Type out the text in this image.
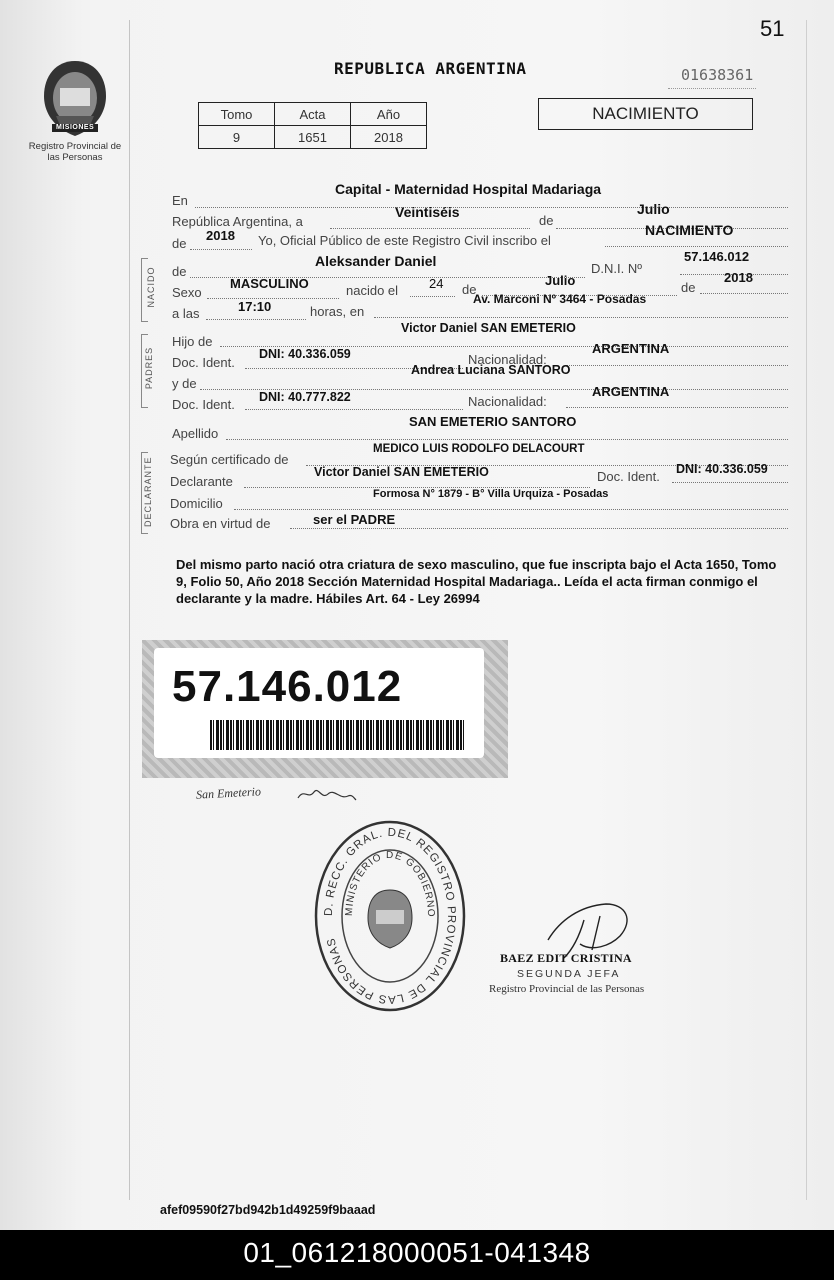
51
MISIONES
Registro Provincial de las Personas
REPUBLICA ARGENTINA	01638361
Tomo	Acta	Año
9	1651	2018
NACIMIENTO
En
Capital - Maternidad Hospital Madariaga
República Argentina, a
Veintiséis
de
Julio
de
2018 Yo, Oficial Público de este Registro Civil inscribo el
NACIMIENTO
NACIDO de
Aleksander Daniel	D.N.I. Nº
57.146.012
Sexo
MASCULINO	nacido el 24 de
Julio	de
2018
a las	17:10	horas, en
Av. Marconi Nº 3464 - Posadas
PADRES
Hijo de
Victor Daniel SAN EMETERIO
Doc. Ident.
DNI: 40.336.059	Nacionalidad:
ARGENTINA
y de
Andrea Luciana SANTORO
Doc. Ident. DNI: 40.777.822	Nacionalidad:
ARGENTINA
Apellido
SAN EMETERIO SANTORO
DECLARANTE Según certificado de
MEDICO LUIS RODOLFO DELACOURT
Declarante
Victor Daniel SAN EMETERIO	Doc. Ident. DNI: 40.336.059
Domicilio
Formosa N° 1879 - B° Villa Urquiza - Posadas
Obra en virtud de	ser el PADRE
Del mismo parto nació otra criatura de sexo masculino, que fue inscripta bajo el Acta 1650, Tomo 9, Folio 50, Año 2018 Sección Maternidad Hospital Madariaga.. Leída el acta firman conmigo el declarante y la madre. Hábiles Art. 64 - Ley 26994
57.146.012
San Emeterio
D. RECC. GRAL. DEL REGISTRO PROVINCIAL DE LAS PERSONAS
MINISTERIO DE GOBIERNO
BAEZ EDIT CRISTINA
SEGUNDA JEFA
Registro Provincial de las Personas
afef09590f27bd942b1d49259f9baaad
01_061218000051-041348
